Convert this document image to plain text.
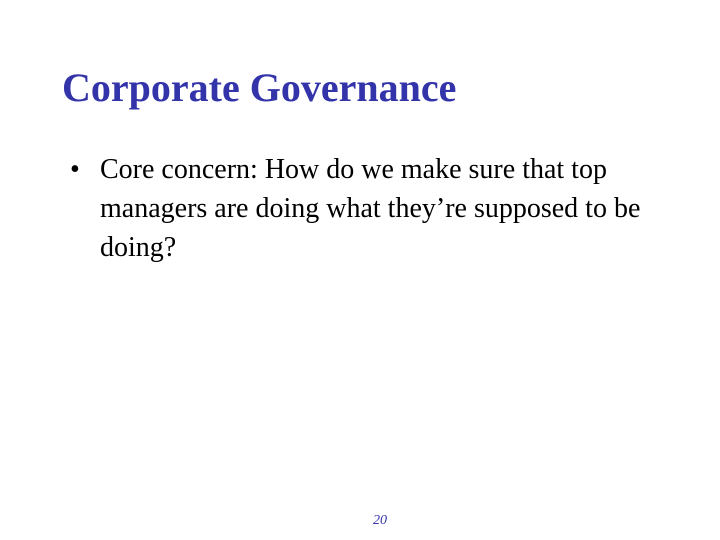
Corporate Governance
• Core concern: How do we make sure that top managers are doing what they’re supposed to be doing?
20
